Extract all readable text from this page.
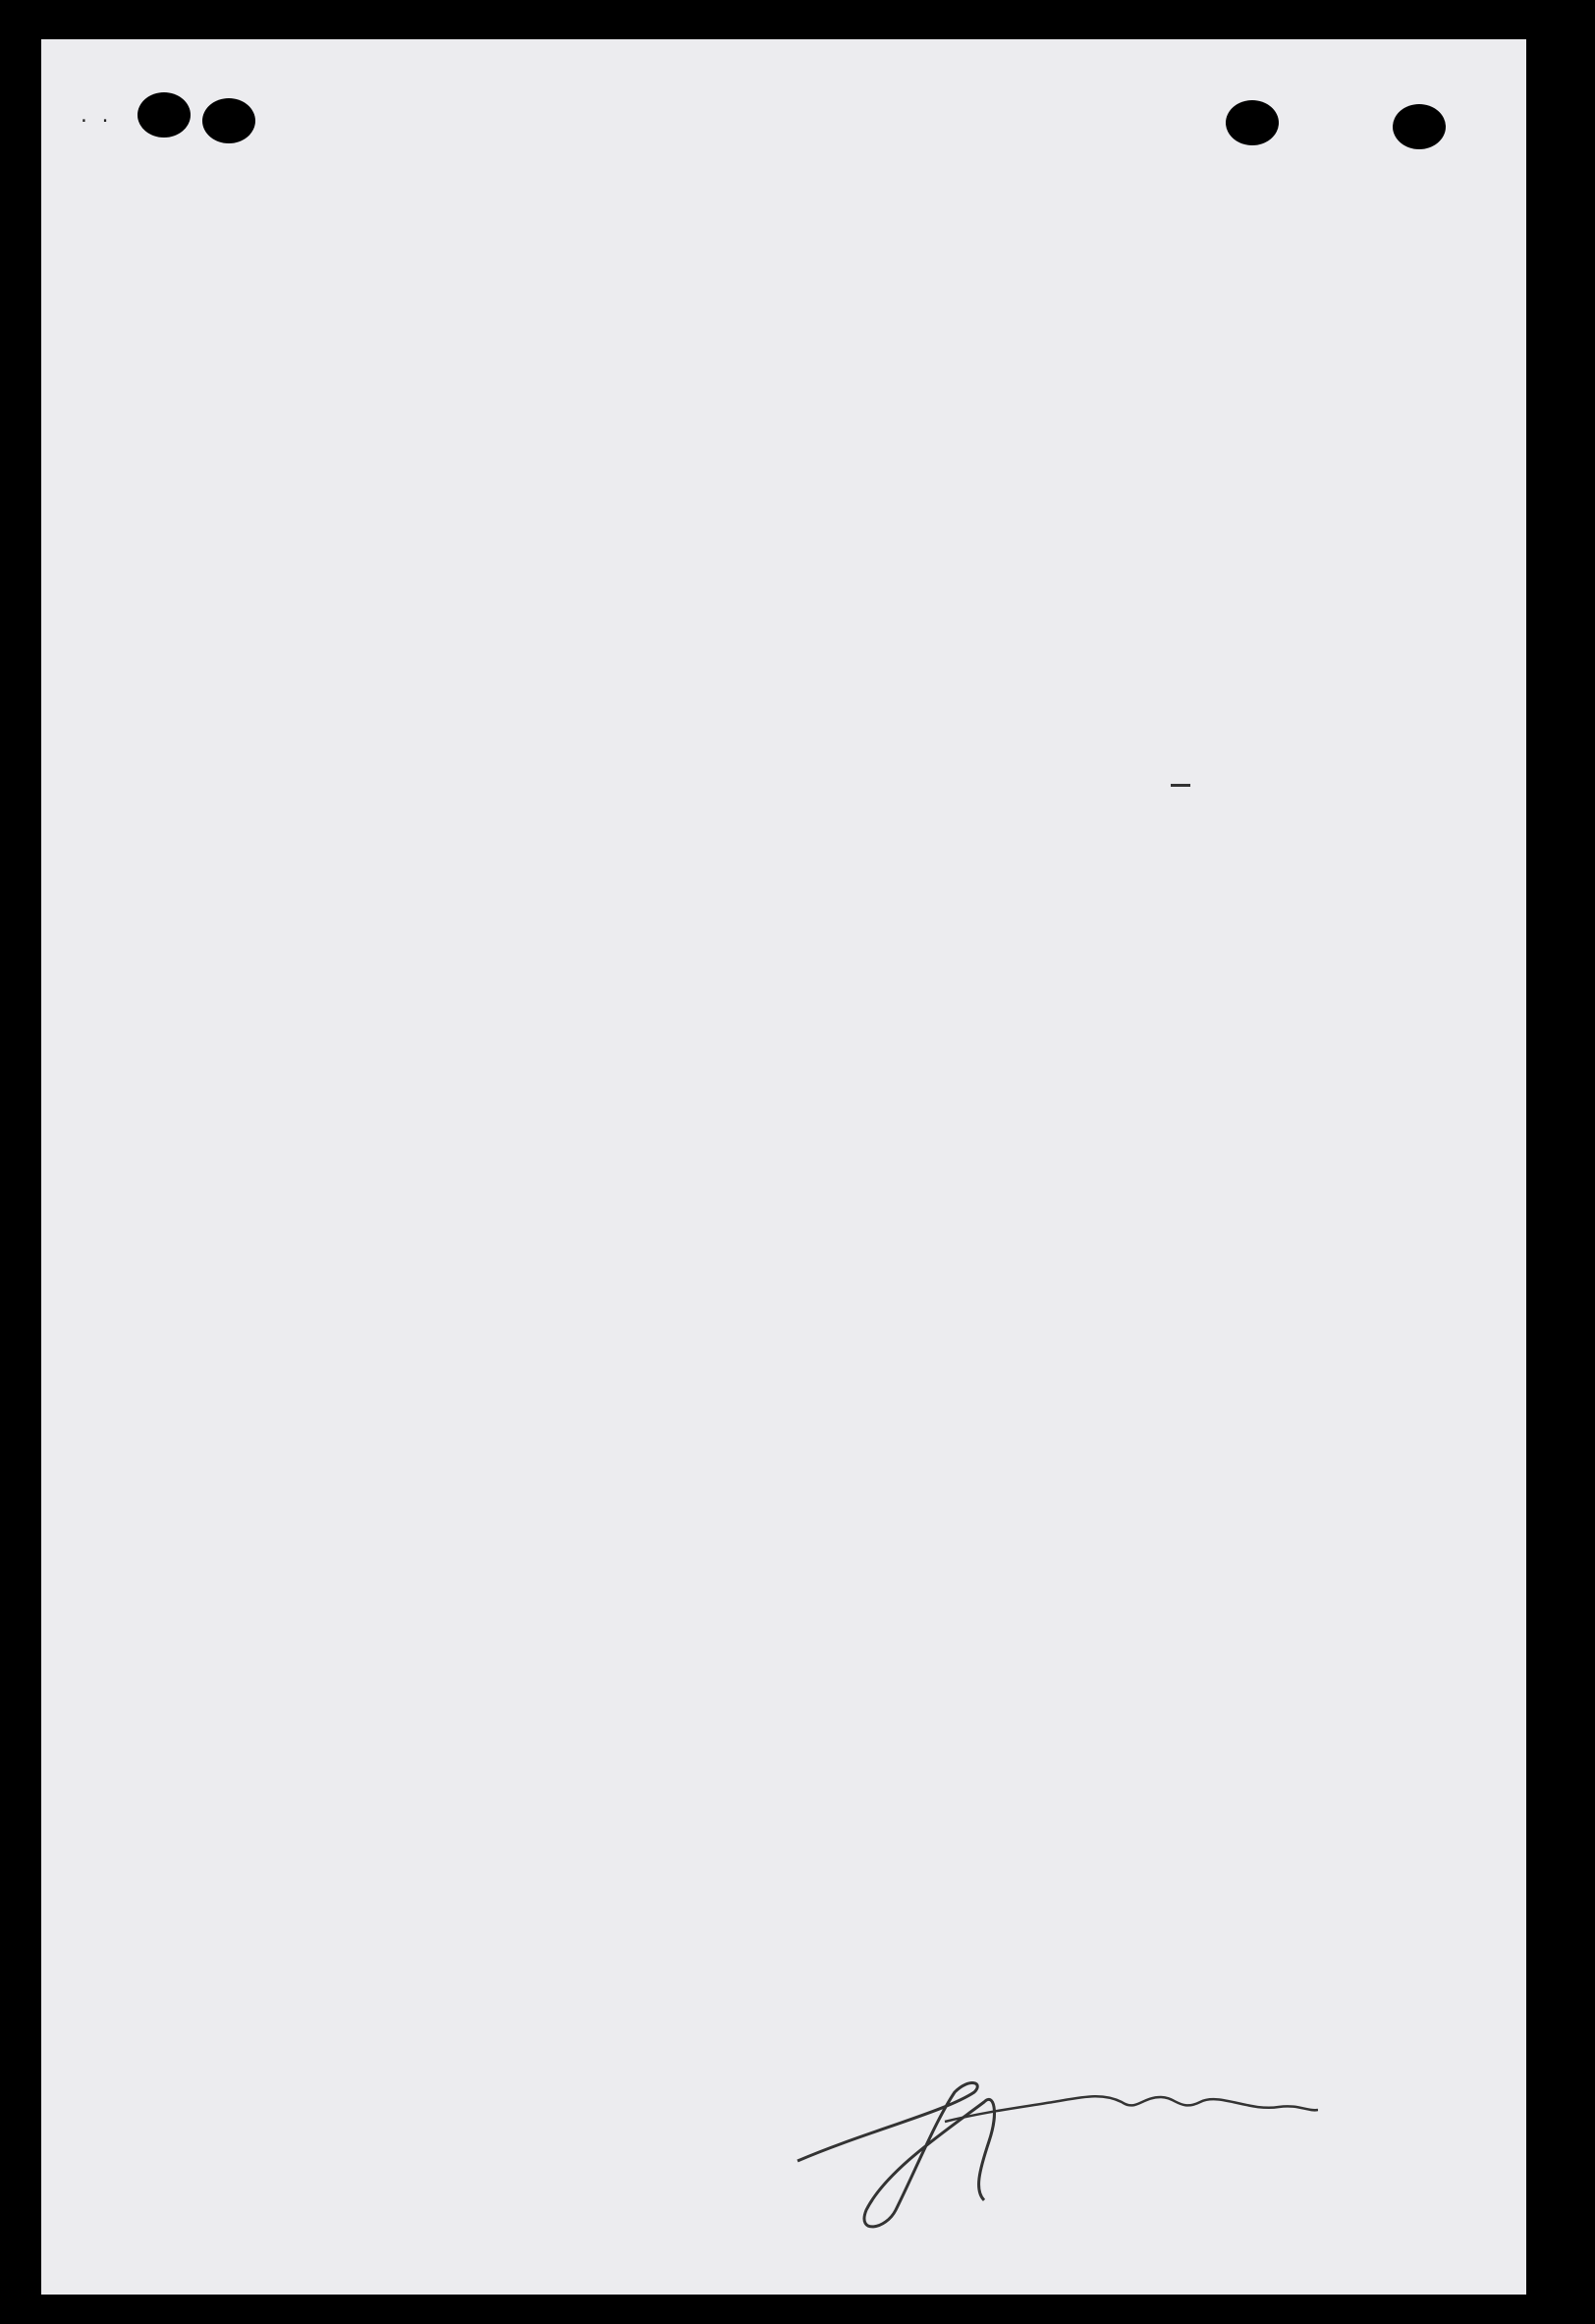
. .
